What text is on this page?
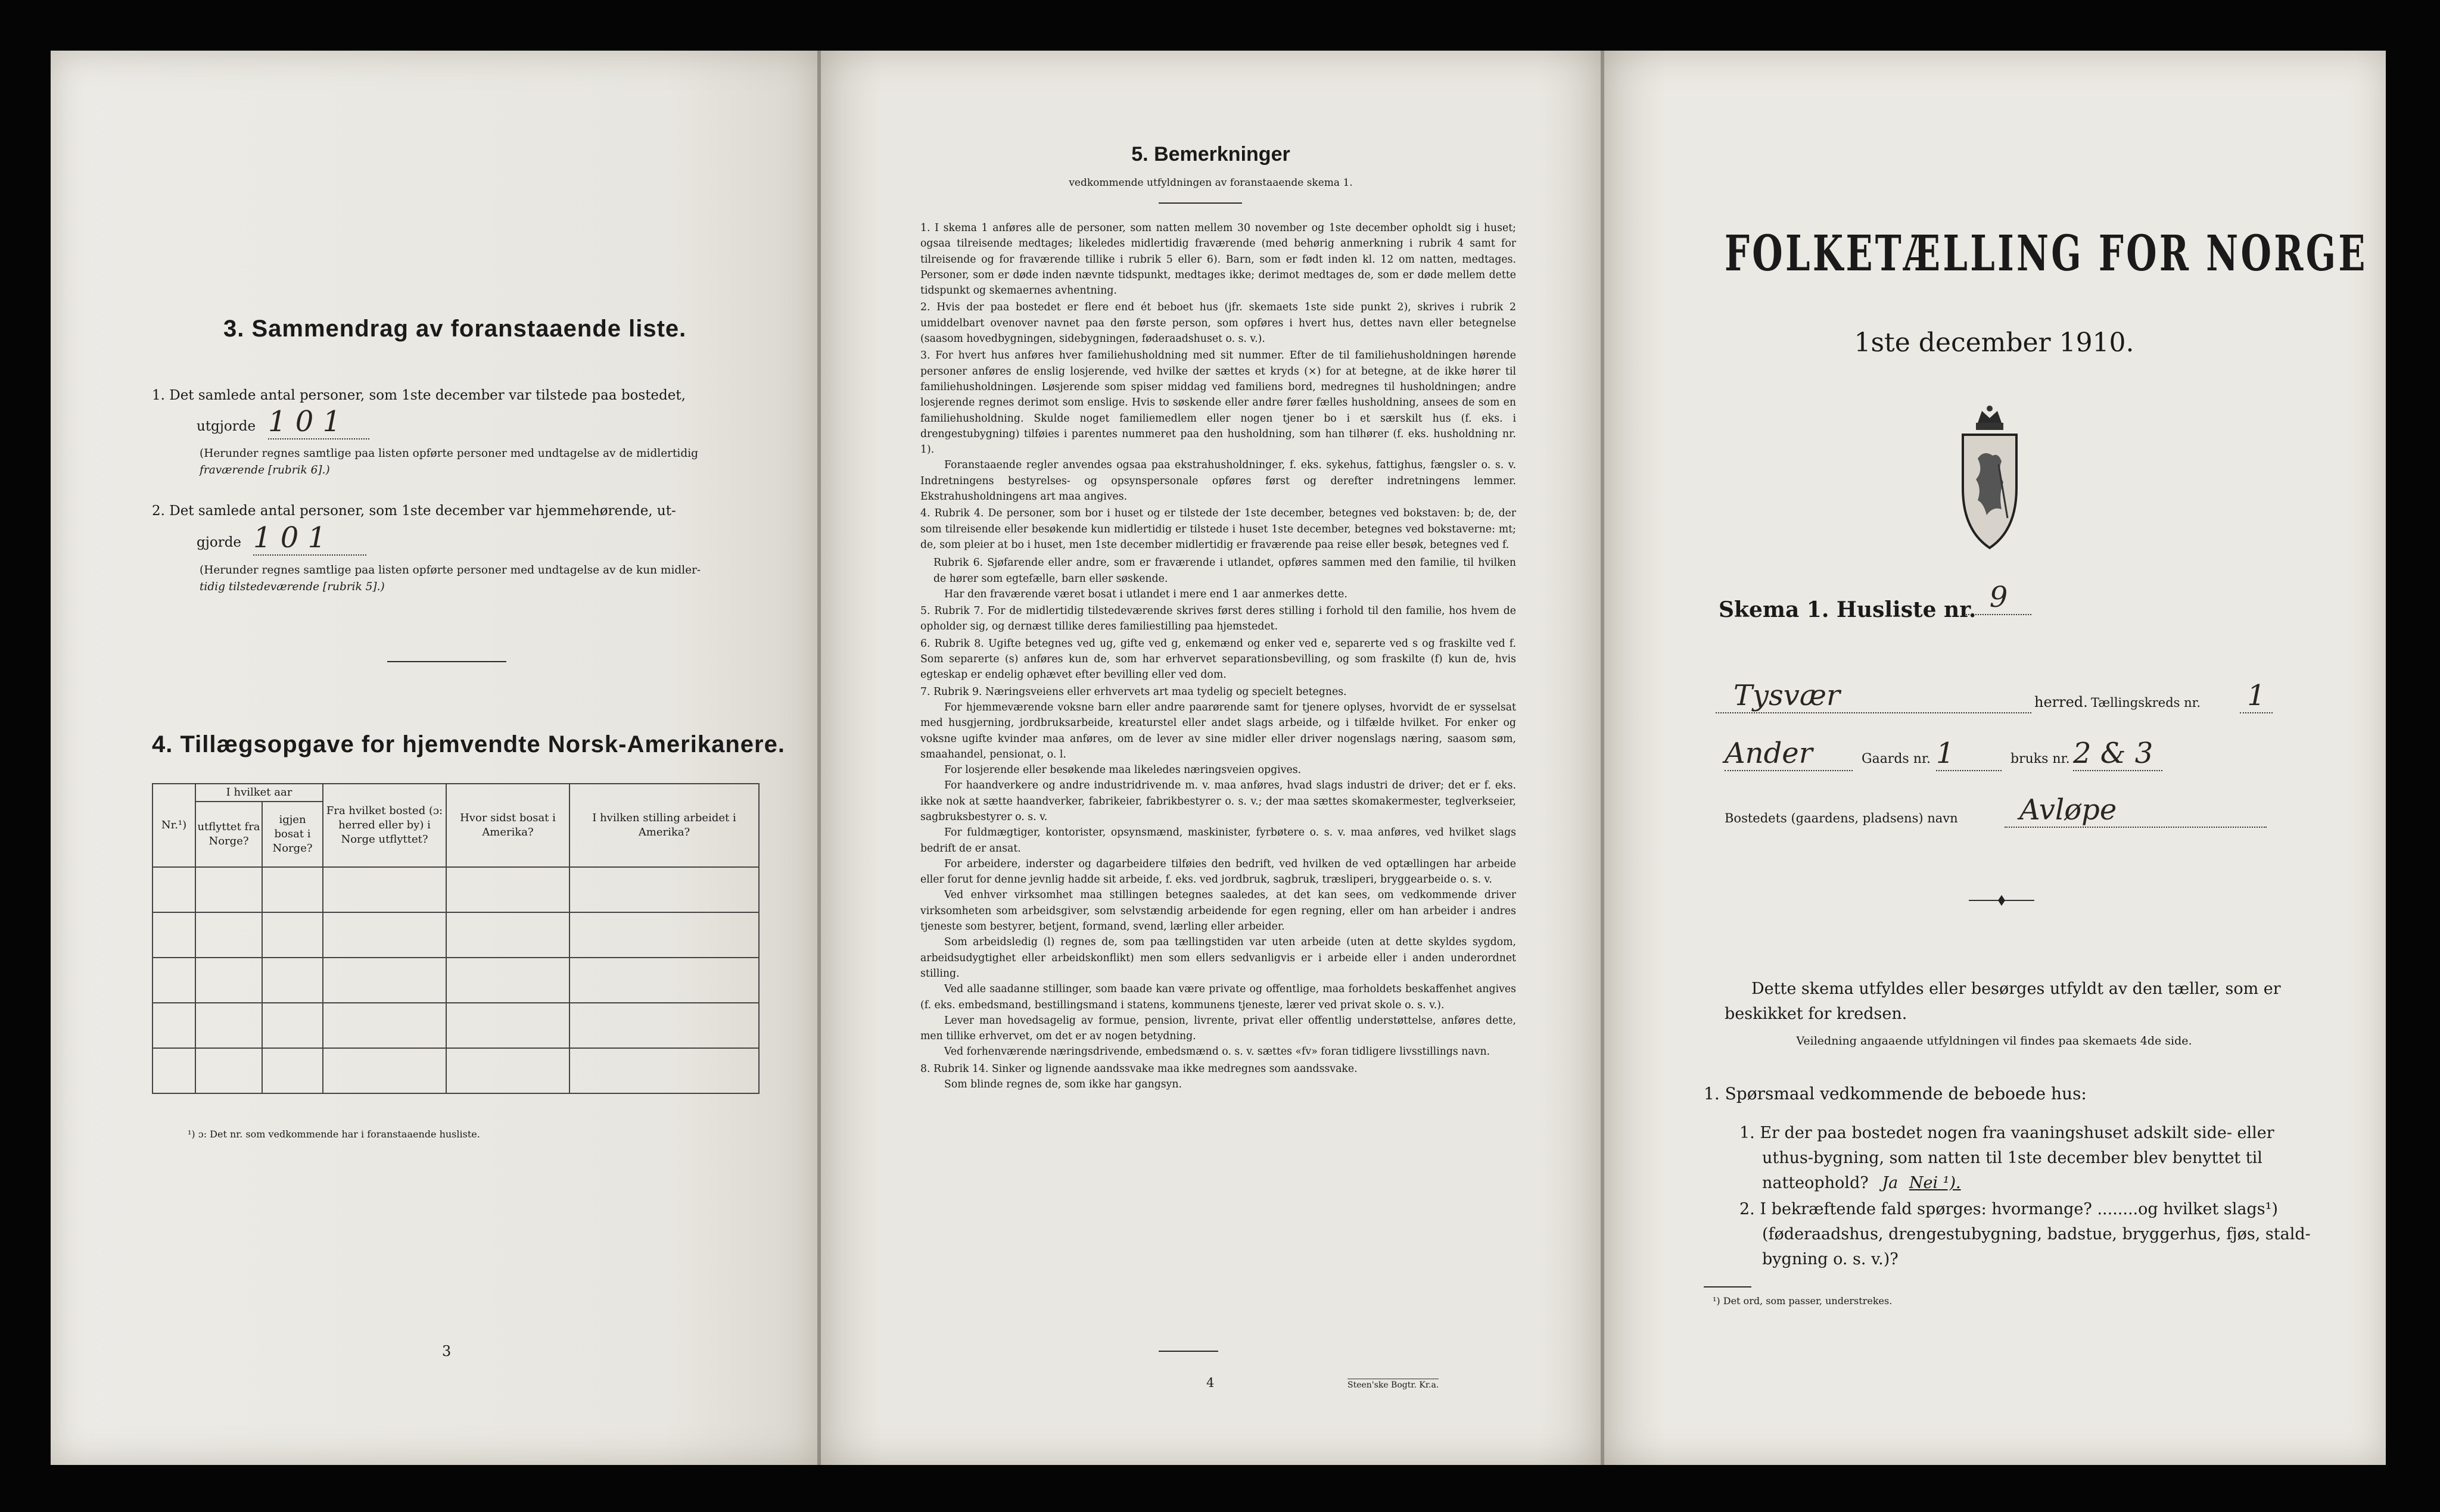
3. Sammendrag av foranstaaende liste.
1. Det samlede antal personer, som 1ste december var tilstede paa bostedet,
utgjorde 1 0 1
(Herunder regnes samtlige paa listen opførte personer med undtagelse av de midlertidig
fraværende [rubrik 6].)
2. Det samlede antal personer, som 1ste december var hjemmehørende, ut-
gjorde 1 0 1
(Herunder regnes samtlige paa listen opførte personer med undtagelse av de kun midler-
tidig tilstedeværende [rubrik 5].)
4. Tillægsopgave for hjemvendte Norsk-Amerikanere.
Nr.¹)	I hvilket aar		Fra hvilket bosted (ɔ: herred eller by) i Norge utflyttet?	Hvor sidst bosat i Amerika?	I hvilken stilling arbeidet i Amerika?
	utflyttet fra Norge?	igjen bosat i Norge?			

¹) ɔ: Det nr. som vedkommende har i foranstaaende husliste.
3
5. Bemerkninger
vedkommende utfyldningen av foranstaaende skema 1.

1. I skema 1 anføres alle de personer, som natten mellem 30 november og 1ste december opholdt sig i huset; ogsaa tilreisende medtages; likeledes midlertidig fraværende (med behørig anmerkning i rubrik 4 samt for tilreisende og for fraværende tillike i rubrik 5 eller 6). Barn, som er født inden kl. 12 om natten, medtages. Personer, som er døde inden nævnte tidspunkt, medtages ikke; derimot medtages de, som er døde mellem dette tidspunkt og skemaernes avhentning.

2. Hvis der paa bostedet er flere end ét beboet hus (jfr. skemaets 1ste side punkt 2), skrives i rubrik 2 umiddelbart ovenover navnet paa den første person, som opføres i hvert hus, dettes navn eller betegnelse (saasom hovedbygningen, sidebygningen, føderaadshuset o. s. v.).

3. For hvert hus anføres hver familiehusholdning med sit nummer. Efter de til familiehusholdningen hørende personer anføres de enslig losjerende, ved hvilke der sættes et kryds (×) for at betegne, at de ikke hører til familiehusholdningen. Løsjerende som spiser middag ved familiens bord, medregnes til husholdningen; andre losjerende regnes derimot som enslige. Hvis to søskende eller andre fører fælles husholdning, ansees de som en familiehusholdning. Skulde noget familiemedlem eller nogen tjener bo i et særskilt hus (f. eks. i drengestubygning) tilføies i parentes nummeret paa den husholdning, som han tilhører (f. eks. husholdning nr. 1).

Foranstaaende regler anvendes ogsaa paa ekstrahusholdninger, f. eks. sykehus, fattighus, fængsler o. s. v. Indretningens bestyrelses- og opsynspersonale opføres først og derefter indretningens lemmer. Ekstrahusholdningens art maa angives.

4. Rubrik 4. De personer, som bor i huset og er tilstede der 1ste december, betegnes ved bokstaven: b; de, der som tilreisende eller besøkende kun midlertidig er tilstede i huset 1ste december, betegnes ved bokstaverne: mt; de, som pleier at bo i huset, men 1ste december midlertidig er fraværende paa reise eller besøk, betegnes ved f.

Rubrik 6. Sjøfarende eller andre, som er fraværende i utlandet, opføres sammen med den familie, til hvilken de hører som egtefælle, barn eller søskende.

Har den fraværende været bosat i utlandet i mere end 1 aar anmerkes dette.

5. Rubrik 7. For de midlertidig tilstedeværende skrives først deres stilling i forhold til den familie, hos hvem de opholder sig, og dernæst tillike deres familiestilling paa hjemstedet.

6. Rubrik 8. Ugifte betegnes ved ug, gifte ved g, enkemænd og enker ved e, separerte ved s og fraskilte ved f. Som separerte (s) anføres kun de, som har erhvervet separationsbevilling, og som fraskilte (f) kun de, hvis egteskap er endelig ophævet efter bevilling eller ved dom.

7. Rubrik 9. Næringsveiens eller erhvervets art maa tydelig og specielt betegnes.

For hjemmeværende voksne barn eller andre paarørende samt for tjenere oplyses, hvorvidt de er sysselsat med husgjerning, jordbruksarbeide, kreaturstel eller andet slags arbeide, og i tilfælde hvilket. For enker og voksne ugifte kvinder maa anføres, om de lever av sine midler eller driver nogenslags næring, saasom søm, smaahandel, pensionat, o. l.

For losjerende eller besøkende maa likeledes næringsveien opgives.

For haandverkere og andre industridrivende m. v. maa anføres, hvad slags industri de driver; det er f. eks. ikke nok at sætte haandverker, fabrikeier, fabrikbestyrer o. s. v.; der maa sættes skomakermester, teglverkseier, sagbruksbestyrer o. s. v.

For fuldmægtiger, kontorister, opsynsmænd, maskinister, fyrbøtere o. s. v. maa anføres, ved hvilket slags bedrift de er ansat.

For arbeidere, inderster og dagarbeidere tilføies den bedrift, ved hvilken de ved optællingen har arbeide eller forut for denne jevnlig hadde sit arbeide, f. eks. ved jordbruk, sagbruk, træsliperi, bryggearbeide o. s. v.

Ved enhver virksomhet maa stillingen betegnes saaledes, at det kan sees, om vedkommende driver virksomheten som arbeidsgiver, som selvstændig arbeidende for egen regning, eller om han arbeider i andres tjeneste som bestyrer, betjent, formand, svend, lærling eller arbeider.

Som arbeidsledig (l) regnes de, som paa tællingstiden var uten arbeide (uten at dette skyldes sygdom, arbeidsudygtighet eller arbeidskonflikt) men som ellers sedvanligvis er i arbeide eller i anden underordnet stilling.

Ved alle saadanne stillinger, som baade kan være private og offentlige, maa forholdets beskaffenhet angives (f. eks. embedsmand, bestillingsmand i statens, kommunens tjeneste, lærer ved privat skole o. s. v.).

Lever man hovedsagelig av formue, pension, livrente, privat eller offentlig understøttelse, anføres dette, men tillike erhvervet, om det er av nogen betydning.

Ved forhenværende næringsdrivende, embedsmænd o. s. v. sættes «fv» foran tidligere livsstillings navn.

8. Rubrik 14. Sinker og lignende aandssvake maa ikke medregnes som aandssvake.

Som blinde regnes de, som ikke har gangsyn.

4	Steen'ske Bogtr. Kr.a.
FOLKETÆLLING FOR NORGE
1ste december 1910.
Skema 1. Husliste nr. 9
Tysvær	herred. Tællingskreds nr. 1
Ander	Gaards nr. 1	bruks nr. 2 & 3
Bostedets (gaardens, pladsens) navn	Avløpe
Dette skema utfyldes eller besørges utfyldt av den tæller, som er
beskikket for kredsen.
Veiledning angaaende utfyldningen vil findes paa skemaets 4de side.
1. Spørsmaal vedkommende de beboede hus:
1. Er der paa bostedet nogen fra vaaningshuset adskilt side- eller
uthus-bygning, som natten til 1ste december blev benyttet til
natteophold? Ja Nei ¹).
2. I bekræftende fald spørges: hvormange? ........og hvilket slags¹)
(føderaadshus, drengestubygning, badstue, bryggerhus, fjøs, stald-
bygning o. s. v.)?
¹) Det ord, som passer, understrekes.
